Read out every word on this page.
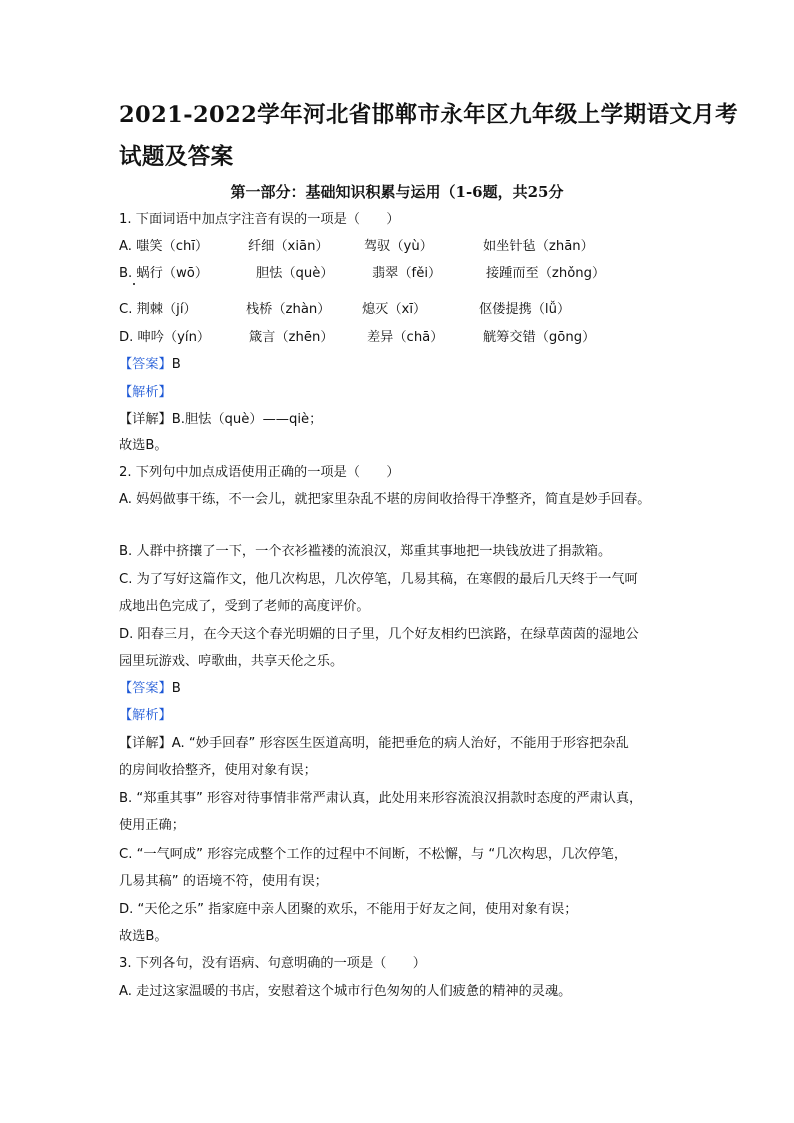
2021-2022学年河北省邯郸市永年区九年级上学期语文月考
试题及答案
第一部分：基础知识积累与运用（1-6题，共25分
1. 下面词语中加点字注音有误的一项是（　　）
A. 嗤笑（chī）	纤细（xiān）	驾驭（yù）	如坐针毡（zhān）
B. 蜗行（wō）	胆怯（què）	翡翠（fěi）	接踵而至（zhǒng）
C. 荆棘（jí）	栈桥（zhàn） 熄灭（xī）	伛偻提携（lǚ）
D. 呻吟（yín）	箴言（zhēn）	差异（chā）	觥筹交错（gōng）
【答案】B
【解析】
【详解】B.胆怯（què）——qiè；
故选B。
2. 下列句中加点成语使用正确的一项是（　　）
A. 妈妈做事干练，不一会儿，就把家里杂乱不堪的房间收拾得干净整齐，简直是妙手回春。
B. 人群中挤攘了一下，一个衣衫褴褛的流浪汉，郑重其事地把一块钱放进了捐款箱。
C. 为了写好这篇作文，他几次构思，几次停笔，几易其稿，在寒假的最后几天终于一气呵
成地出色完成了，受到了老师的高度评价。
D. 阳春三月，在今天这个春光明媚的日子里，几个好友相约巴滨路，在绿草茵茵的湿地公
园里玩游戏、哼歌曲，共享天伦之乐。
【答案】B
【解析】
【详解】A. “妙手回春” 形容医生医道高明，能把垂危的病人治好，不能用于形容把杂乱
的房间收拾整齐，使用对象有误；
B. “郑重其事” 形容对待事情非常严肃认真，此处用来形容流浪汉捐款时态度的严肃认真，
使用正确；
C. “一气呵成” 形容完成整个工作的过程中不间断，不松懈，与 “几次构思，几次停笔，
几易其稿” 的语境不符，使用有误；
D. “天伦之乐” 指家庭中亲人团聚的欢乐，不能用于好友之间，使用对象有误；
故选B。
3. 下列各句，没有语病、句意明确的一项是（　　）
A. 走过这家温暖的书店，安慰着这个城市行色匆匆的人们疲惫的精神的灵魂。
